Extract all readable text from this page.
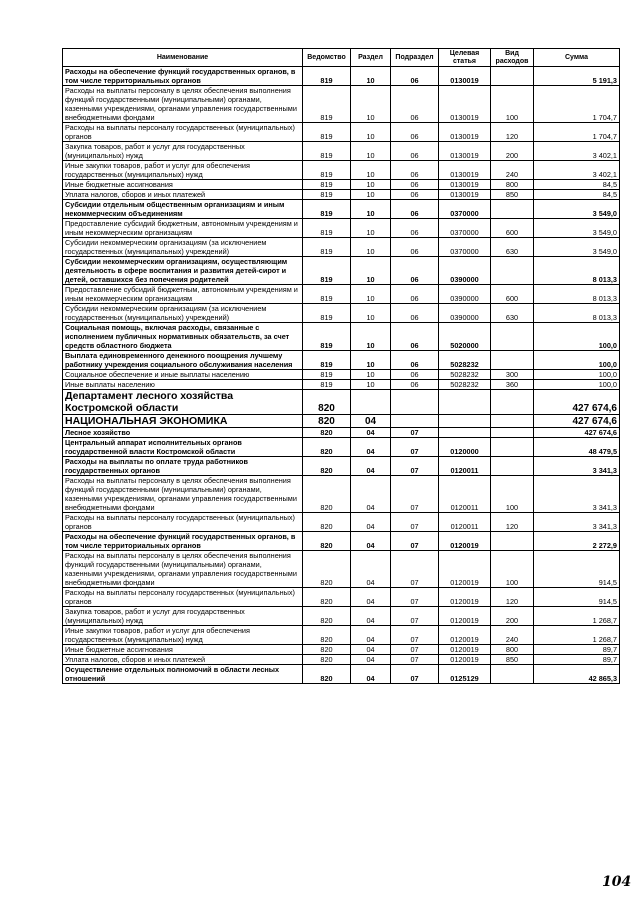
Наименование	Ведомство	Раздел	Подраздел	Целевая статья	Вид расходов	Сумма
Расходы на обеспечение функций государственных органов, в том числе территориальных органов	819	10	06	0130019		5 191,3
Расходы на выплаты персоналу в целях обеспечения выполнения функций государственными (муниципальными) органами, казенными учреждениями, органами управления государственными внебюджетными фондами	819	10	06	0130019	100	1 704,7
Расходы на выплаты персоналу государственных (муниципальных) органов	819	10	06	0130019	120	1 704,7
Закупка товаров, работ и услуг для государственных (муниципальных) нужд	819	10	06	0130019	200	3 402,1
Иные закупки товаров, работ и услуг для обеспечения государственных (муниципальных) нужд	819	10	06	0130019	240	3 402,1
Иные бюджетные ассигнования	819	10	06	0130019	800	84,5
Уплата налогов, сборов и иных платежей	819	10	06	0130019	850	84,5
Субсидии отдельным общественным организациям и иным некоммерческим объединениям	819	10	06	0370000		3 549,0
Предоставление субсидий бюджетным, автономным учреждениям и иным некоммерческим организациям	819	10	06	0370000	600	3 549,0
Субсидии некоммерческим организациям (за исключением государственных (муниципальных) учреждений)	819	10	06	0370000	630	3 549,0
Субсидии некоммерческим организациям, осуществляющим деятельность в сфере воспитания и развития детей-сирот и детей, оставшихся без попечения родителей	819	10	06	0390000		8 013,3
Предоставление субсидий бюджетным, автономным учреждениям и иным некоммерческим организациям	819	10	06	0390000	600	8 013,3
Субсидии некоммерческим организациям (за исключением государственных (муниципальных) учреждений)	819	10	06	0390000	630	8 013,3
Социальная помощь, включая расходы, связанные с исполнением публичных нормативных обязательств, за счет средств областного бюджета	819	10	06	5020000		100,0
Выплата единовременного денежного поощрения лучшему работнику учреждения социального обслуживания населения	819	10	06	5028232		100,0
Социальное обеспечение и иные выплаты населению	819	10	06	5028232	300	100,0
Иные выплаты населению	819	10	06	5028232	360	100,0
Департамент лесного хозяйства Костромской области	820					427 674,6
НАЦИОНАЛЬНАЯ ЭКОНОМИКА	820	04				427 674,6
Лесное хозяйство	820	04	07			427 674,6
Центральный аппарат исполнительных органов государственной власти Костромской области	820	04	07	0120000		48 479,5
Расходы на выплаты по оплате труда работников государственных органов	820	04	07	0120011		3 341,3
Расходы на выплаты персоналу в целях обеспечения выполнения функций государственными (муниципальными) органами, казенными учреждениями, органами управления государственными внебюджетными фондами	820	04	07	0120011	100	3 341,3
Расходы на выплаты персоналу государственных (муниципальных) органов	820	04	07	0120011	120	3 341,3
Расходы на обеспечение функций государственных органов, в том числе территориальных органов	820	04	07	0120019		2 272,9
Расходы на выплаты персоналу в целях обеспечения выполнения функций государственными (муниципальными) органами, казенными учреждениями, органами управления государственными внебюджетными фондами	820	04	07	0120019	100	914,5
Расходы на выплаты персоналу государственных (муниципальных) органов	820	04	07	0120019	120	914,5
Закупка товаров, работ и услуг для государственных (муниципальных) нужд	820	04	07	0120019	200	1 268,7
Иные закупки товаров, работ и услуг для обеспечения государственных (муниципальных) нужд	820	04	07	0120019	240	1 268,7
Иные бюджетные ассигнования	820	04	07	0120019	800	89,7
Уплата налогов, сборов и иных платежей	820	04	07	0120019	850	89,7
Осуществление отдельных полномочий в области лесных отношений	820	04	07	0125129		42 865,3
104
